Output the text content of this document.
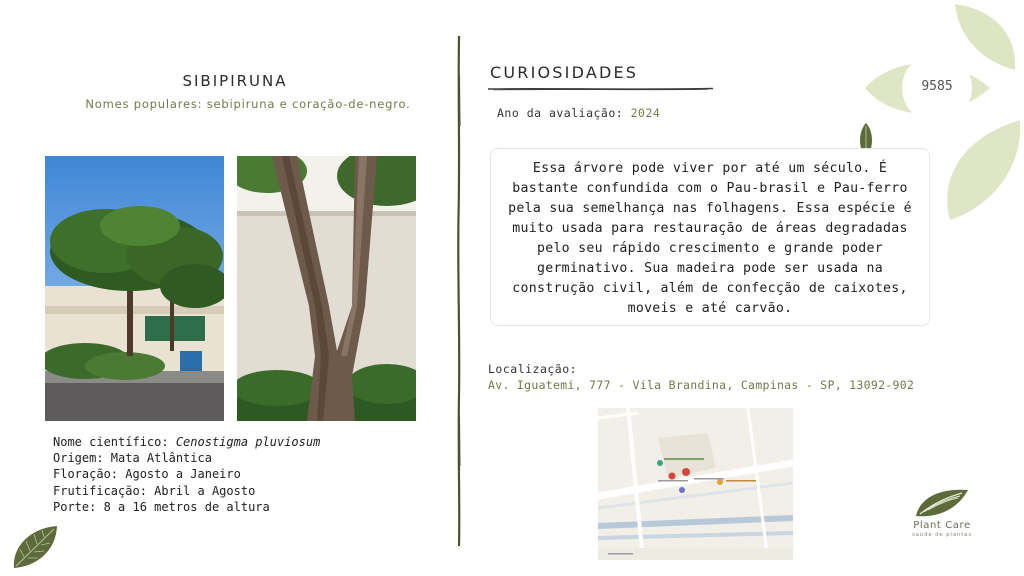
9585
SIBIPIRUNA
Nomes populares: sebipiruna e coração-de-negro.
Nome científico: Cenostigma pluviosum
Origem: Mata Atlântica
Floração: Agosto a Janeiro
Frutificação: Abril a Agosto
Porte: 8 a 16 metros de altura
CURIOSIDADES
Ano da avaliação: 2024
Essa árvore pode viver por até um século. É bastante confundida com o Pau-brasil e Pau-ferro pela sua semelhança nas folhagens. Essa espécie é muito usada para restauração de áreas degradadas pelo seu rápido crescimento e grande poder germinativo. Sua madeira pode ser usada na construção civil, além de confecção de caixotes, moveis e até carvão.
Localização:
Av. Iguatemi, 777 - Vila Brandina, Campinas - SP, 13092-902
Plant Care
saúde de plantas
